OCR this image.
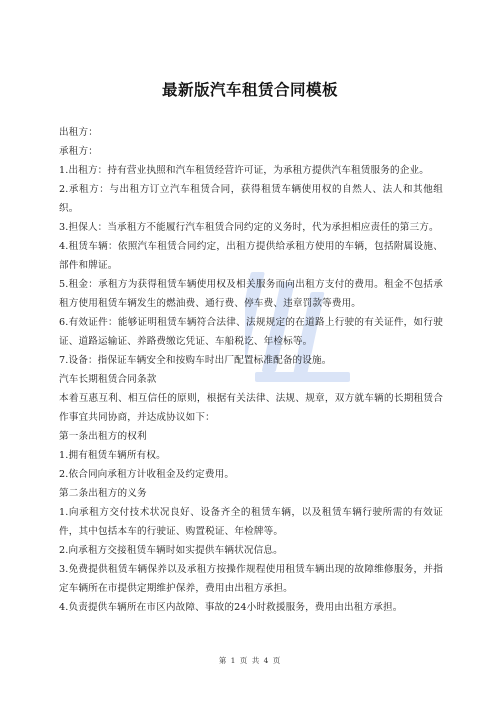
最新版汽车租赁合同模板

出租方：

承租方：

1.出租方：持有营业执照和汽车租赁经营许可证，为承租方提供汽车租赁服务的企业。

2.承租方：与出租方订立汽车租赁合同，获得租赁车辆使用权的自然人、法人和其他组织。

3.担保人：当承租方不能履行汽车租赁合同约定的义务时，代为承担相应责任的第三方。

4.租赁车辆：依照汽车租赁合同约定，出租方提供给承租方使用的车辆，包括附属设施、部件和牌证。

5.租金：承租方为获得租赁车辆使用权及相关服务而向出租方支付的费用。租金不包括承租方使用租赁车辆发生的燃油费、通行费、停车费、违章罚款等费用。

6.有效证件：能够证明租赁车辆符合法律、法规规定的在道路上行驶的有关证件，如行驶证、道路运输证、养路费缴讫凭证、车船税讫、年检标等。

7.设备：指保证车辆安全和按购车时出厂配置标准配备的设施。

汽车长期租赁合同条款

本着互惠互利、相互信任的原则，根据有关法律、法规、规章，双方就车辆的长期租赁合作事宜共同协商，并达成协议如下：

第一条出租方的权利

1.拥有租赁车辆所有权。

2.依合同向承租方计收租金及约定费用。

第二条出租方的义务

1.向承租方交付技术状况良好、设备齐全的租赁车辆，以及租赁车辆行驶所需的有效证件，其中包括本车的行驶证、购置税证、年检牌等。

2.向承租方交接租赁车辆时如实提供车辆状况信息。

3.免费提供租赁车辆保养以及承租方按操作规程使用租赁车辆出现的故障维修服务，并指定车辆所在市提供定期维护保养，费用由出租方承担。

4.负责提供车辆所在市区内故障、事故的24小时救援服务，费用由出租方承担。

第 1 页 共 4 页
